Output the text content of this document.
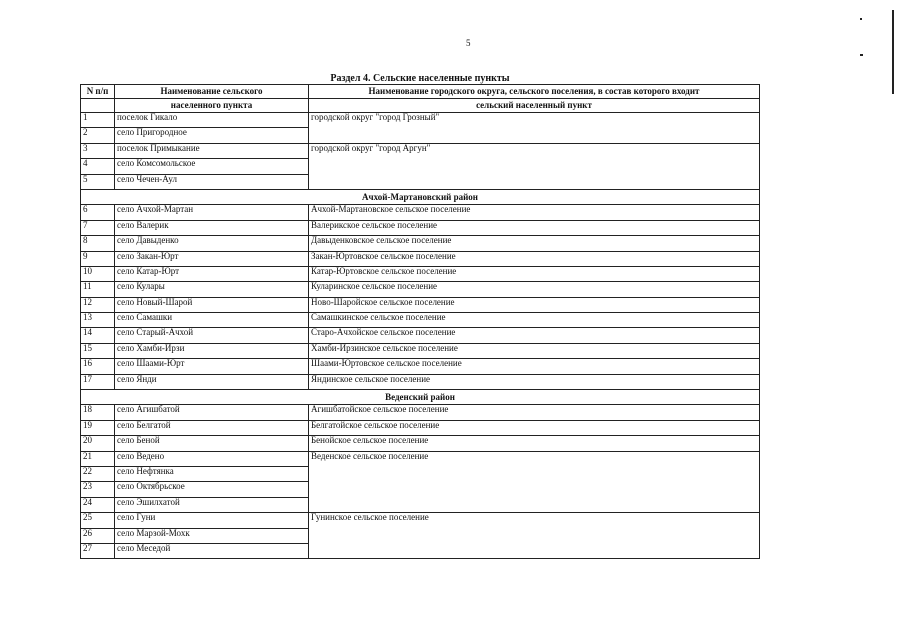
5
Раздел 4. Сельские населенные пункты
N п/п	Наименование сельского	Наименование городского округа, сельского поселения, в состав которого входит
	населенного пункта	сельский населенный пункт
1	поселок Гикало	городской округ "город Грозный"
2	село Пригородное	
3	поселок Примыкание	городской округ "город Аргун"
4	село Комсомольское	
5	село Чечен-Аул	
Ачхой-Мартановский район		
6	село Ачхой-Мартан	Ачхой-Мартановское сельское поселение
7	село Валерик	Валерикское сельское поселение
8	село Давыденко	Давыденковское сельское поселение
9	село Закан-Юрт	Закан-Юртовское сельское поселение
10	село Катар-Юрт	Катар-Юртовское сельское поселение
11	село Кулары	Куларинское сельское поселение
12	село Новый-Шарой	Ново-Шаройское сельское поселение
13	село Самашки	Самашкинское сельское поселение
14	село Старый-Ачхой	Старо-Ачхойское сельское поселение
15	село Хамби-Ирзи	Хамби-Ирзинское сельское поселение
16	село Шаами-Юрт	Шаами-Юртовское сельское поселение
17	село Янди	Яндинское сельское поселение
Веденский район		
18	село Агишбатой	Агишбатойское сельское поселение
19	село Белгатой	Белгатойское сельское поселение
20	село Беной	Бенойское сельское поселение
21	село Ведено	Веденское сельское поселение
22	село Нефтянка	
23	село Октябрьское	
24	село Эшилхатой	
25	село Гуни	Гунинское сельское поселение
26	село Марзой-Мохк	
27	село Меседой	
